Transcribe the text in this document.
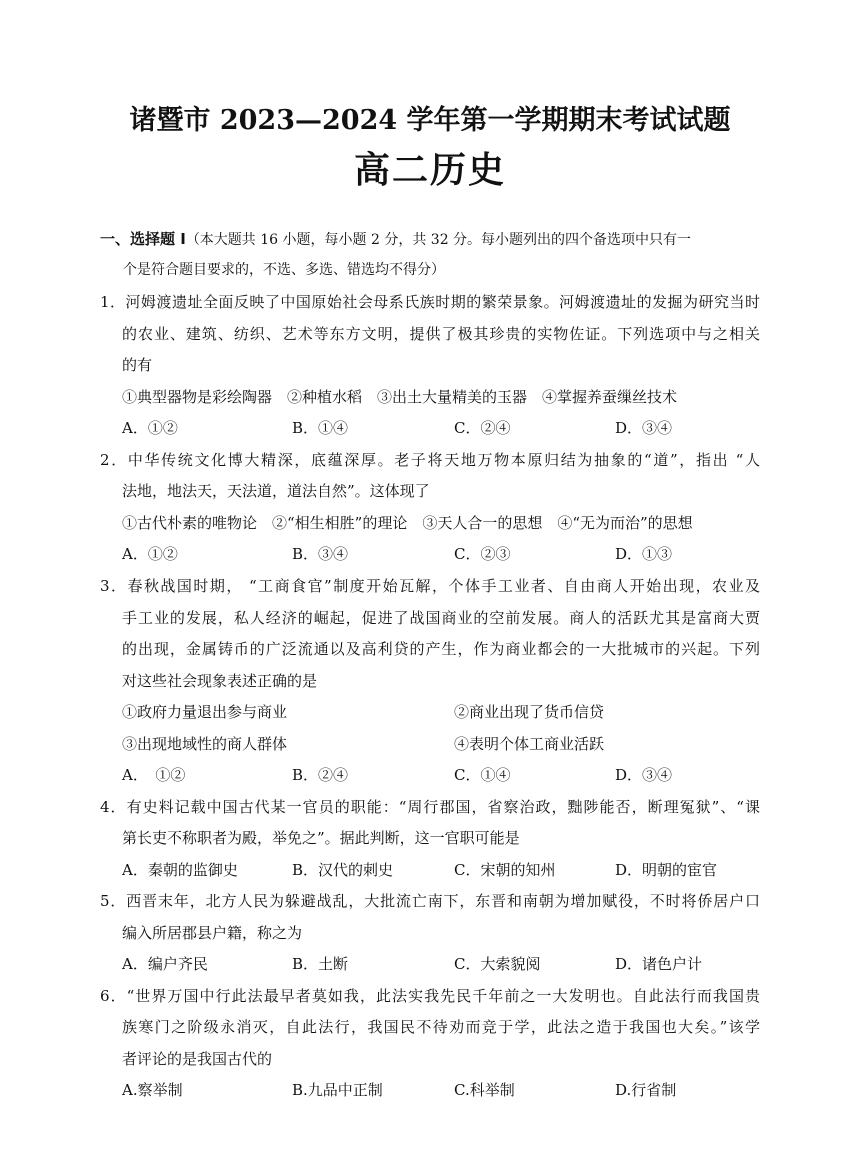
诸暨市 2023—2024 学年第一学期期末考试试题
高二历史
一、选择题 I（本大题共 16 小题，每小题 2 分，共 32 分。每小题列出的四个备选项中只有一
个是符合题目要求的，不选、多选、错选均不得分）
1．河姆渡遗址全面反映了中国原始社会母系氏族时期的繁荣景象。河姆渡遗址的发掘为研究当时
的农业、建筑、纺织、艺术等东方文明，提供了极其珍贵的实物佐证。下列选项中与之相关
的有
①典型器物是彩绘陶器　②种植水稻　③出土大量精美的玉器　④掌握养蚕缫丝技术
A．①②	B．①④	C．②④	D．③④
2．中华传统文化博大精深，底蕴深厚。老子将天地万物本原归结为抽象的“道”，指出 “人
法地，地法天，天法道，道法自然”。这体现了
①古代朴素的唯物论　②“相生相胜”的理论　③天人合一的思想　④“无为而治”的思想
A．①②	B．③④	C．②③	D．①③
3．春秋战国时期， “工商食官”制度开始瓦解，个体手工业者、自由商人开始出现，农业及
手工业的发展，私人经济的崛起，促进了战国商业的空前发展。商人的活跃尤其是富商大贾
的出现，金属铸币的广泛流通以及高利贷的产生，作为商业都会的一大批城市的兴起。下列
对这些社会现象表述正确的是
①政府力量退出参与商业	②商业出现了货币信贷
③出现地域性的商人群体	④表明个体工商业活跃
A．　①②	B．②④	C．①④	D．③④
4．有史料记载中国古代某一官员的职能：“周行郡国，省察治政，黜陟能否，断理冤狱”、“课
第长吏不称职者为殿，举免之”。据此判断，这一官职可能是
A．秦朝的监御史	B．汉代的刺史	C．宋朝的知州	D．明朝的宦官
5．西晋末年，北方人民为躲避战乱，大批流亡南下，东晋和南朝为增加赋役，不时将侨居户口
编入所居郡县户籍，称之为
A．编户齐民	B．土断	C．大索貌阅	D．诸色户计
6．“世界万国中行此法最早者莫如我，此法实我先民千年前之一大发明也。自此法行而我国贵
族寒门之阶级永消灭，自此法行，我国民不待劝而竞于学，此法之造于我国也大矣。”该学
者评论的是我国古代的
A.察举制	B.九品中正制	C.科举制	D.行省制
